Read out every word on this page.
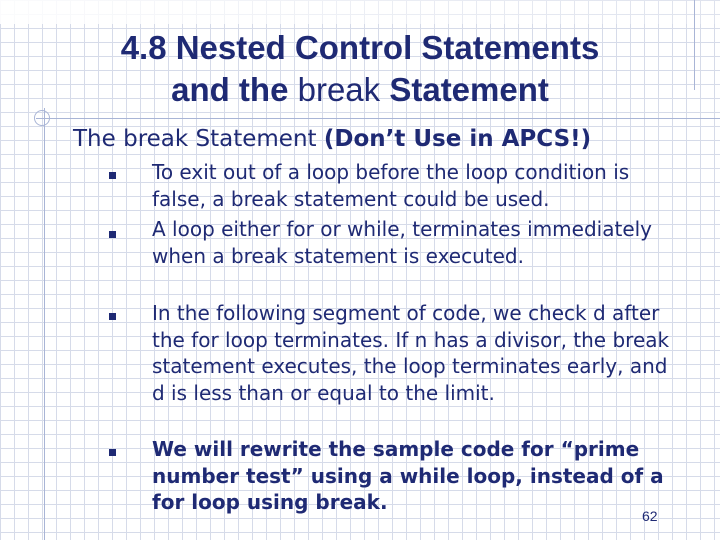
4.8 Nested Control Statements
and the break Statement
The break Statement (Don’t Use in APCS!)
To exit out of a loop before the loop condition is false, a break statement could be used.
A loop either for or while, terminates immediately when a break statement is executed.
In the following segment of code, we check d after the for loop terminates. If n has a divisor, the break statement executes, the loop terminates early, and d is less than or equal to the limit.
We will rewrite the sample code for “prime number test” using a while loop, instead of a for loop using break.
62
